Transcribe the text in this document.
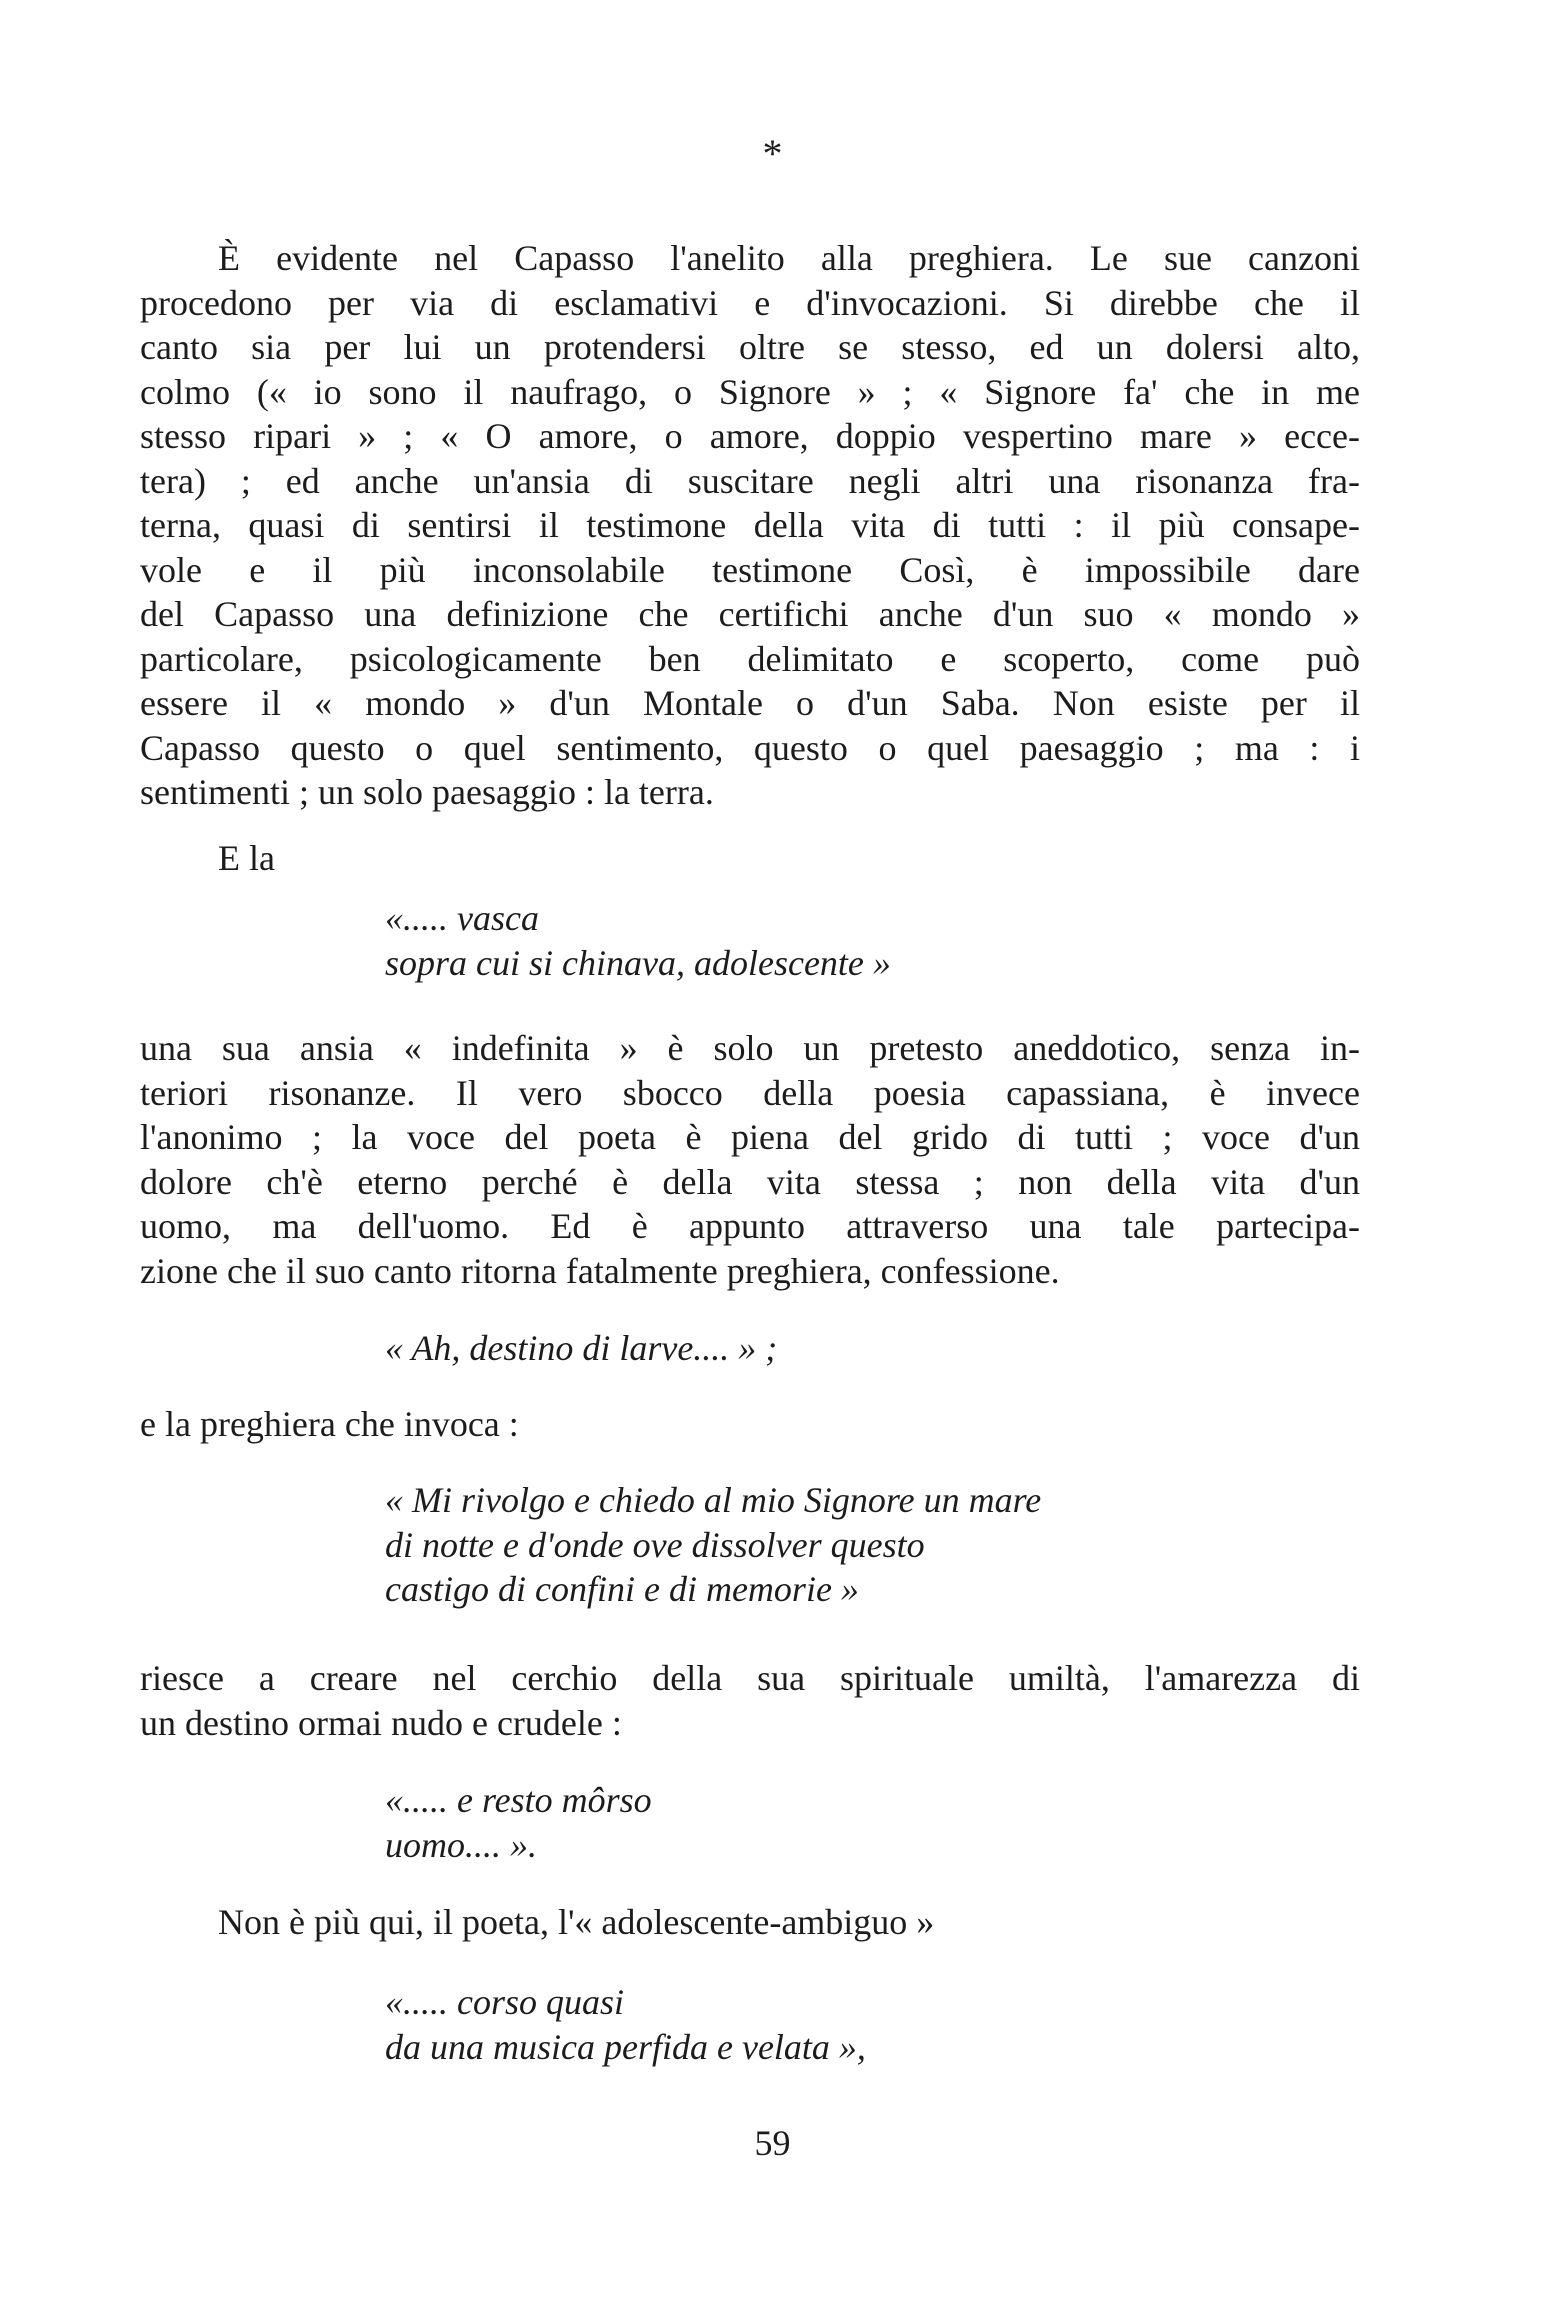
*
È evidente nel Capasso l'anelito alla preghiera. Le sue canzoni
procedono per via di esclamativi e d'invocazioni. Si direbbe che il
canto sia per lui un protendersi oltre se stesso, ed un dolersi alto,
colmo (« io sono il naufrago, o Signore » ; « Signore fa' che in me
stesso ripari » ; « O amore, o amore, doppio vespertino mare » ecce-
tera) ; ed anche un'ansia di suscitare negli altri una risonanza fra-
terna, quasi di sentirsi il testimone della vita di tutti : il più consape-
vole e il più inconsolabile testimone Così, è impossibile dare
del Capasso una definizione che certifichi anche d'un suo « mondo »
particolare, psicologicamente ben delimitato e scoperto, come può
essere il « mondo » d'un Montale o d'un Saba. Non esiste per il
Capasso questo o quel sentimento, questo o quel paesaggio ; ma : i
sentimenti ; un solo paesaggio : la terra.
E la
«..... vasca
sopra cui si chinava, adolescente »
una sua ansia « indefinita » è solo un pretesto aneddotico, senza in-
teriori risonanze. Il vero sbocco della poesia capassiana, è invece
l'anonimo ; la voce del poeta è piena del grido di tutti ; voce d'un
dolore ch'è eterno perché è della vita stessa ; non della vita d'un
uomo, ma dell'uomo. Ed è appunto attraverso una tale partecipa-
zione che il suo canto ritorna fatalmente preghiera, confessione.
« Ah, destino di larve.... » ;
e la preghiera che invoca :
« Mi rivolgo e chiedo al mio Signore un mare
di notte e d'onde ove dissolver questo
castigo di confini e di memorie »
riesce a creare nel cerchio della sua spirituale umiltà, l'amarezza di
un destino ormai nudo e crudele :
«..... e resto môrso
uomo.... ».
Non è più qui, il poeta, l'« adolescente-ambiguo »
«..... corso quasi
da una musica perfida e velata »,
59
